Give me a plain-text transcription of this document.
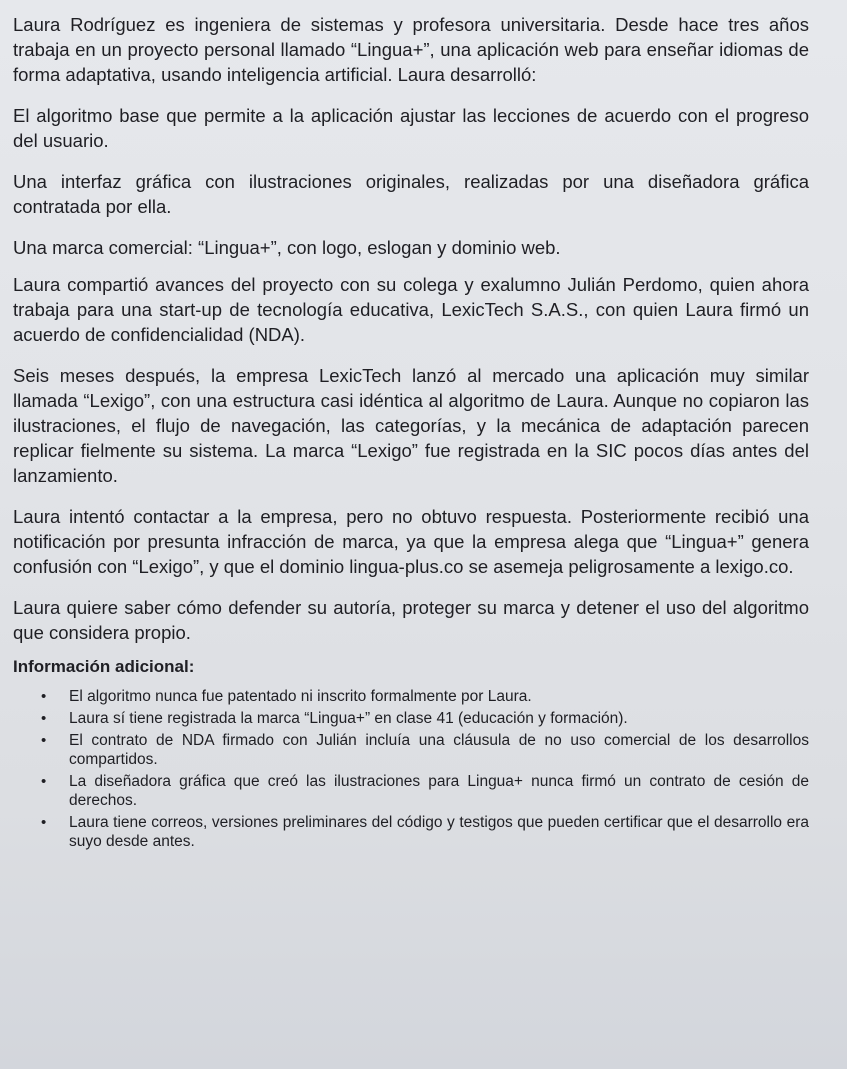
Laura Rodríguez es ingeniera de sistemas y profesora universitaria. Desde hace tres años trabaja en un proyecto personal llamado “Lingua+”, una aplicación web para enseñar idiomas de forma adaptativa, usando inteligencia artificial. Laura desarrolló:

El algoritmo base que permite a la aplicación ajustar las lecciones de acuerdo con el progreso del usuario.

Una interfaz gráfica con ilustraciones originales, realizadas por una diseñadora gráfica contratada por ella.

Una marca comercial: “Lingua+”, con logo, eslogan y dominio web.

Laura compartió avances del proyecto con su colega y exalumno Julián Perdomo, quien ahora trabaja para una start-up de tecnología educativa, LexicTech S.A.S., con quien Laura firmó un acuerdo de confidencialidad (NDA).

Seis meses después, la empresa LexicTech lanzó al mercado una aplicación muy similar llamada “Lexigo”, con una estructura casi idéntica al algoritmo de Laura. Aunque no copiaron las ilustraciones, el flujo de navegación, las categorías, y la mecánica de adaptación parecen replicar fielmente su sistema. La marca “Lexigo” fue registrada en la SIC pocos días antes del lanzamiento.

Laura intentó contactar a la empresa, pero no obtuvo respuesta. Posteriormente recibió una notificación por presunta infracción de marca, ya que la empresa alega que “Lingua+” genera confusión con “Lexigo”, y que el dominio lingua-plus.co se asemeja peligrosamente a lexigo.co.

Laura quiere saber cómo defender su autoría, proteger su marca y detener el uso del algoritmo que considera propio.

Información adicional:
• El algoritmo nunca fue patentado ni inscrito formalmente por Laura.
• Laura sí tiene registrada la marca “Lingua+” en clase 41 (educación y formación).
• El contrato de NDA firmado con Julián incluía una cláusula de no uso comercial de los desarrollos compartidos.
• La diseñadora gráfica que creó las ilustraciones para Lingua+ nunca firmó un contrato de cesión de derechos.
• Laura tiene correos, versiones preliminares del código y testigos que pueden certificar que el desarrollo era suyo desde antes.
